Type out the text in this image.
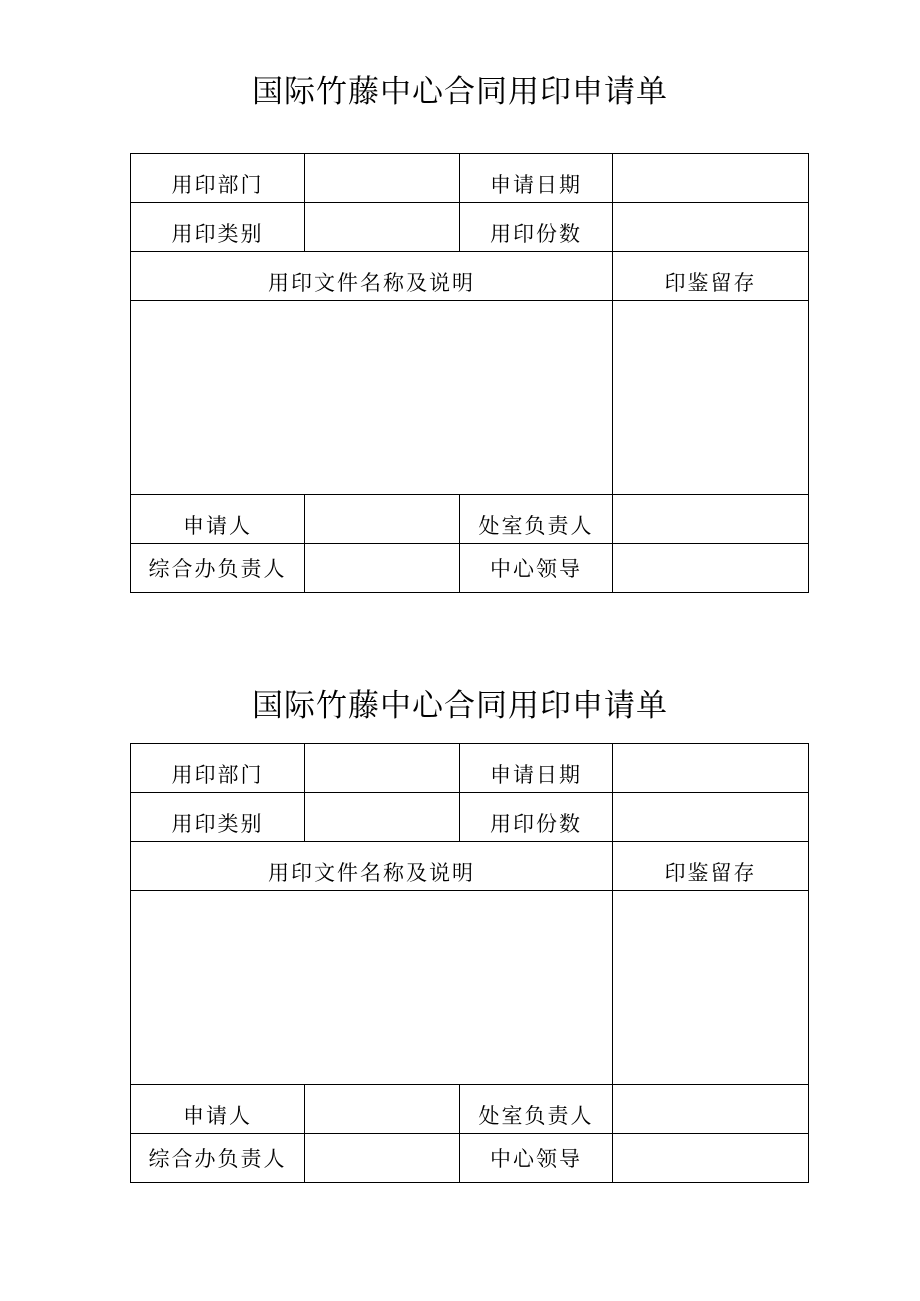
国际竹藤中心合同用印申请单
用印部门		申请日期	
用印类别		用印份数	
用印文件名称及说明			印鉴留存

申请人		处室负责人	
综合办负责人		中心领导	
国际竹藤中心合同用印申请单
用印部门		申请日期	
用印类别		用印份数	
用印文件名称及说明			印鉴留存

申请人		处室负责人	
综合办负责人		中心领导	
